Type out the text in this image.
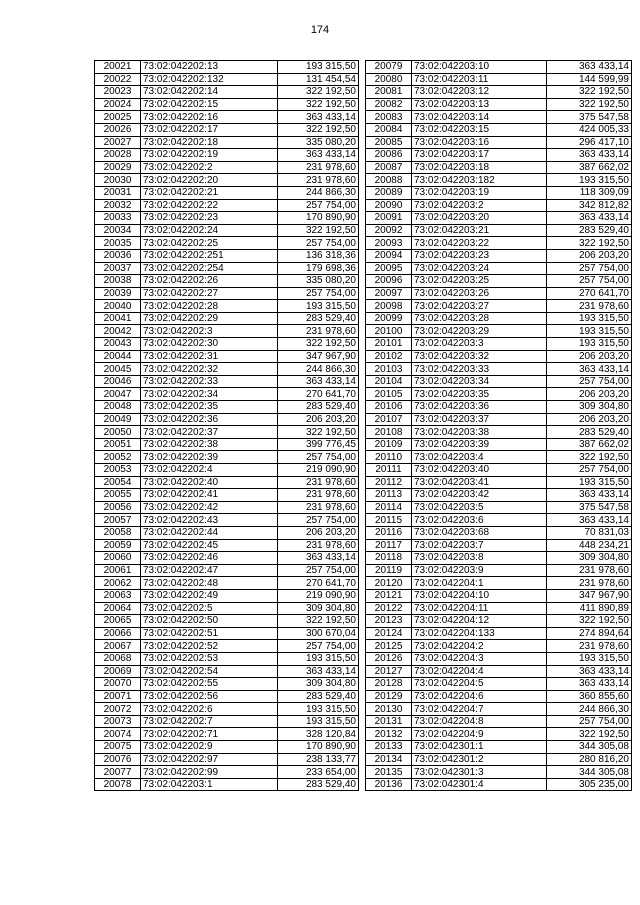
174
20021	73:02:042202:13	193 315,50
20022	73:02:042202:132	131 454,54
20023	73:02:042202:14	322 192,50
20024	73:02:042202:15	322 192,50
20025	73:02:042202:16	363 433,14
20026	73:02:042202:17	322 192,50
20027	73:02:042202:18	335 080,20
20028	73:02:042202:19	363 433,14
20029	73:02:042202:2	231 978,60
20030	73:02:042202:20	231 978,60
20031	73:02:042202:21	244 866,30
20032	73:02:042202:22	257 754,00
20033	73:02:042202:23	170 890,90
20034	73:02:042202:24	322 192,50
20035	73:02:042202:25	257 754,00
20036	73:02:042202:251	136 318,36
20037	73:02:042202:254	179 698,36
20038	73:02:042202:26	335 080,20
20039	73:02:042202:27	257 754,00
20040	73:02:042202:28	193 315,50
20041	73:02:042202:29	283 529,40
20042	73:02:042202:3	231 978,60
20043	73:02:042202:30	322 192,50
20044	73:02:042202:31	347 967,90
20045	73:02:042202:32	244 866,30
20046	73:02:042202:33	363 433,14
20047	73:02:042202:34	270 641,70
20048	73:02:042202:35	283 529,40
20049	73:02:042202:36	206 203,20
20050	73:02:042202:37	322 192,50
20051	73:02:042202:38	399 776,45
20052	73:02:042202:39	257 754,00
20053	73:02:042202:4	219 090,90
20054	73:02:042202:40	231 978,60
20055	73:02:042202:41	231 978,60
20056	73:02:042202:42	231 978,60
20057	73:02:042202:43	257 754,00
20058	73:02:042202:44	206 203,20
20059	73:02:042202:45	231 978,60
20060	73:02:042202:46	363 433,14
20061	73:02:042202:47	257 754,00
20062	73:02:042202:48	270 641,70
20063	73:02:042202:49	219 090,90
20064	73:02:042202:5	309 304,80
20065	73:02:042202:50	322 192,50
20066	73:02:042202:51	300 670,04
20067	73:02:042202:52	257 754,00
20068	73:02:042202:53	193 315,50
20069	73:02:042202:54	363 433,14
20070	73:02:042202:55	309 304,80
20071	73:02:042202:56	283 529,40
20072	73:02:042202:6	193 315,50
20073	73:02:042202:7	193 315,50
20074	73:02:042202:71	328 120,84
20075	73:02:042202:9	170 890,90
20076	73:02:042202:97	238 133,77
20077	73:02:042202:99	233 654,00
20078	73:02:042203:1	283 529,40
20079	73:02:042203:10	363 433,14
20080	73:02:042203:11	144 599,99
20081	73:02:042203:12	322 192,50
20082	73:02:042203:13	322 192,50
20083	73:02:042203:14	375 547,58
20084	73:02:042203:15	424 005,33
20085	73:02:042203:16	296 417,10
20086	73:02:042203:17	363 433,14
20087	73:02:042203:18	387 662,02
20088	73:02:042203:182	193 315,50
20089	73:02:042203:19	118 309,09
20090	73:02:042203:2	342 812,82
20091	73:02:042203:20	363 433,14
20092	73:02:042203:21	283 529,40
20093	73:02:042203:22	322 192,50
20094	73:02:042203:23	206 203,20
20095	73:02:042203:24	257 754,00
20096	73:02:042203:25	257 754,00
20097	73:02:042203:26	270 641,70
20098	73:02:042203:27	231 978,60
20099	73:02:042203:28	193 315,50
20100	73:02:042203:29	193 315,50
20101	73:02:042203:3	193 315,50
20102	73:02:042203:32	206 203,20
20103	73:02:042203:33	363 433,14
20104	73:02:042203:34	257 754,00
20105	73:02:042203:35	206 203,20
20106	73:02:042203:36	309 304,80
20107	73:02:042203:37	206 203,20
20108	73:02:042203:38	283 529,40
20109	73:02:042203:39	387 662,02
20110	73:02:042203:4	322 192,50
20111	73:02:042203:40	257 754,00
20112	73:02:042203:41	193 315,50
20113	73:02:042203:42	363 433,14
20114	73:02:042203:5	375 547,58
20115	73:02:042203:6	363 433,14
20116	73:02:042203:68	70 831,03
20117	73:02:042203:7	448 234,21
20118	73:02:042203:8	309 304,80
20119	73:02:042203:9	231 978,60
20120	73:02:042204:1	231 978,60
20121	73:02:042204:10	347 967,90
20122	73:02:042204:11	411 890,89
20123	73:02:042204:12	322 192,50
20124	73:02:042204:133	274 894,64
20125	73:02:042204:2	231 978,60
20126	73:02:042204:3	193 315,50
20127	73:02:042204:4	363 433,14
20128	73:02:042204:5	363 433,14
20129	73:02:042204:6	360 855,60
20130	73:02:042204:7	244 866,30
20131	73:02:042204:8	257 754,00
20132	73:02:042204:9	322 192,50
20133	73:02:042301:1	344 305,08
20134	73:02:042301:2	280 816,20
20135	73:02:042301:3	344 305,08
20136	73:02:042301:4	305 235,00
